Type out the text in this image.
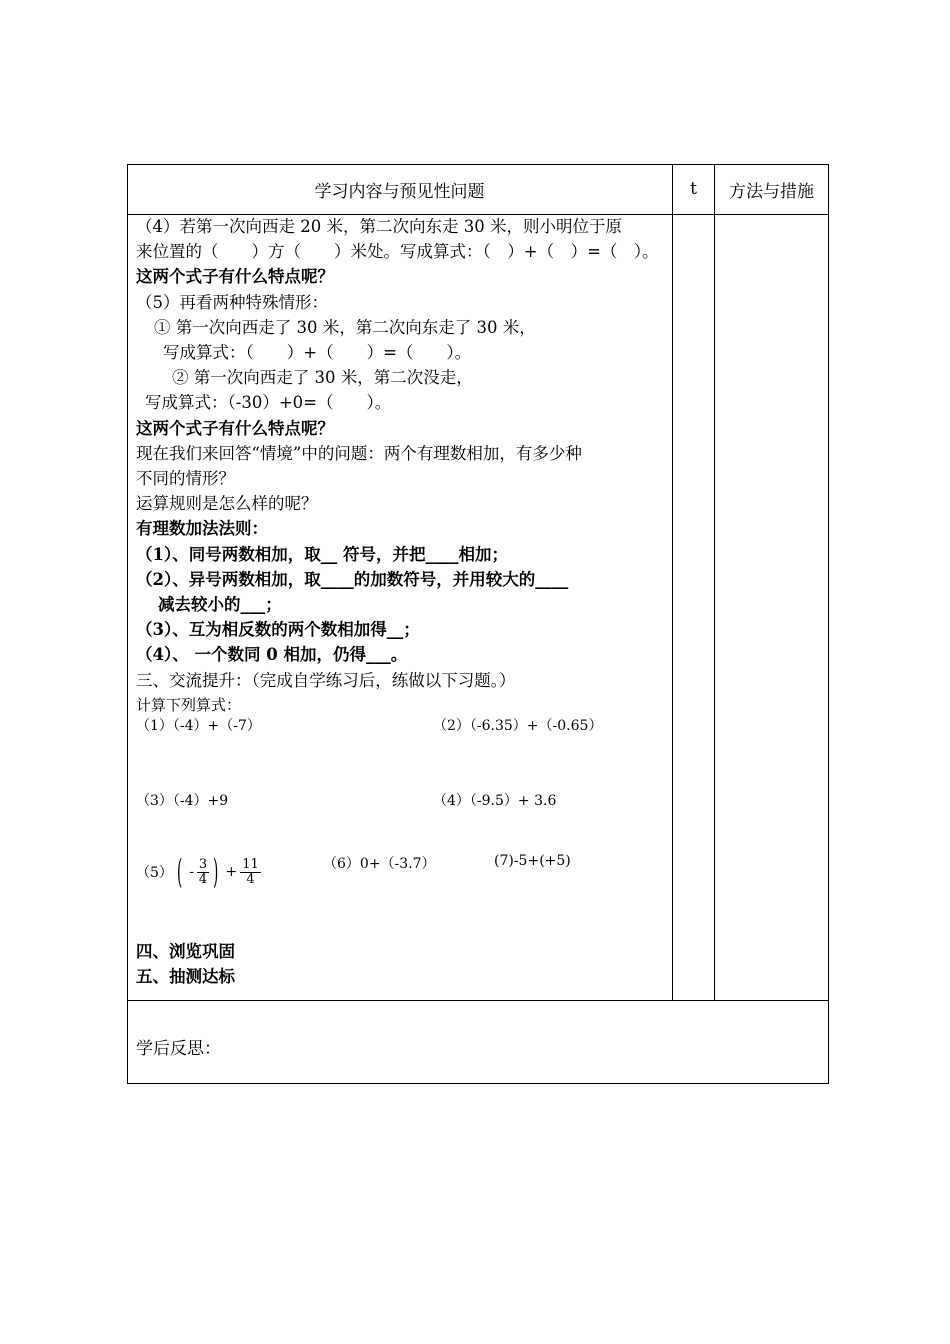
学习内容与预见性问题	t	方法与措施

（4）若第一次向西走 20 米，第二次向东走 30 米，则小明位于原

来位置的（　　）方（　　）米处。写成算式：（　）+（　）=（　）。

这两个式子有什么特点呢？

（5）再看两种特殊情形：

① 第一次向西走了 30 米，第二次向东走了 30 米，

写成算式：（　　）+（　　）=（　　）。

② 第一次向西走了 30 米，第二次没走，

写成算式：（-30）+0=（　　）。

这两个式子有什么特点呢？

现在我们来回答“情境”中的问题：两个有理数相加，有多少种

不同的情形？

运算规则是怎么样的呢？

有理数加法法则：

（1）、同号两数相加，取__ 符号，并把____相加；

（2）、异号两数相加，取____的加数符号，并用较大的____

减去较小的___；

（3）、互为相反数的两个数相加得__；

（4）、 一个数同 0 相加，仍得___。

三、交流提升：（完成自学练习后，练做以下习题。）

计算下列算式：

（1）（-4）+（-7）	（2）（-6.35）+（-0.65）
（3）（-4）+9	（4）（-9.5）+ 3.6
（5） ( - $\frac{3}{4}$ ) + $\frac{11}{4}$	（6）0+（-3.7）	(7)-5+(+5)
四、浏览巩固
五、抽测达标
学后反思：
